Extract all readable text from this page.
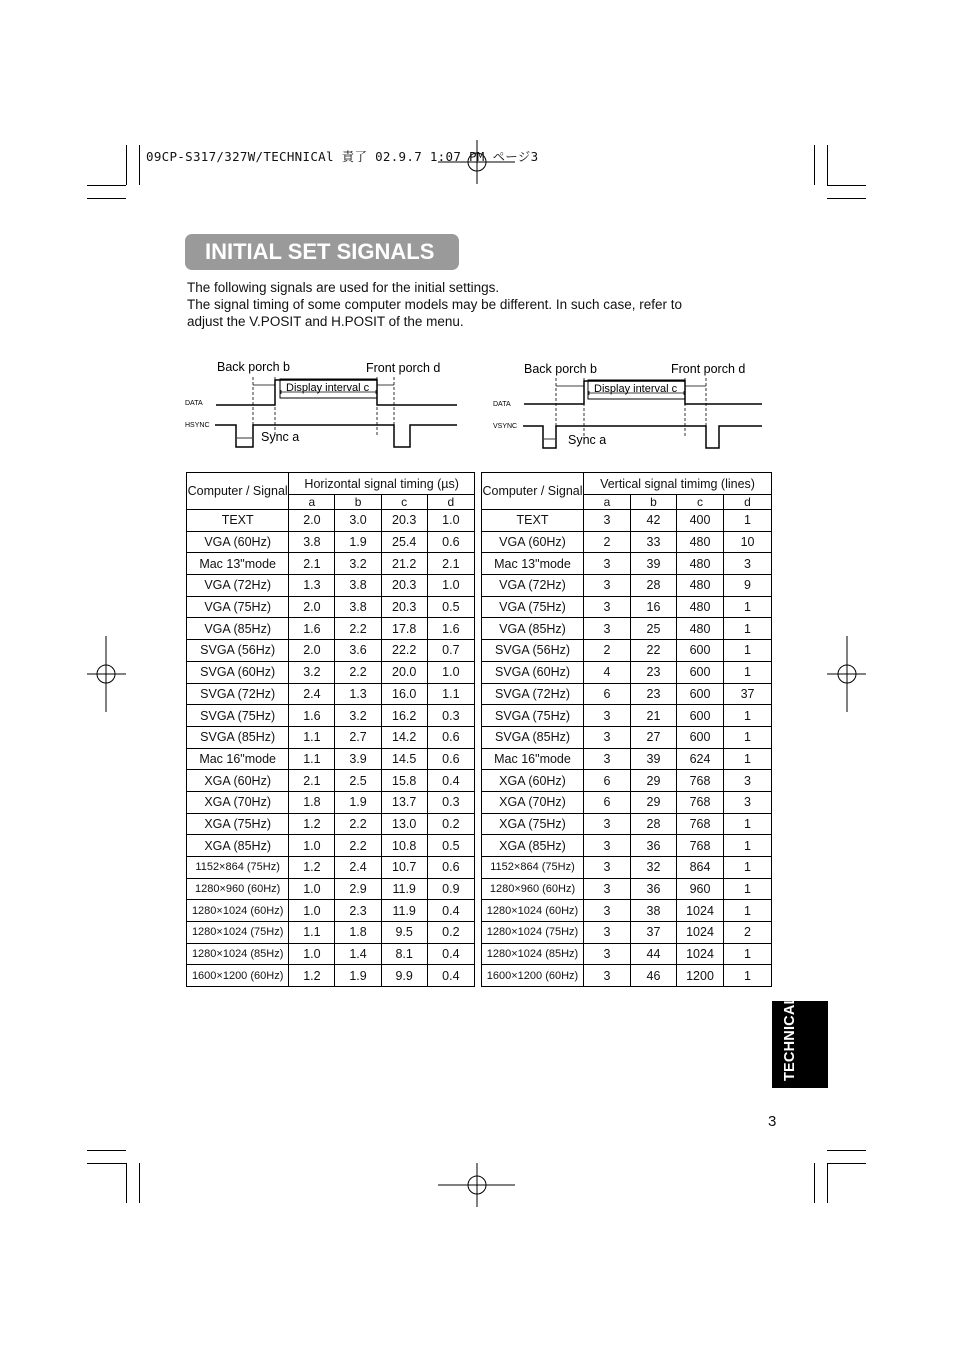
09CP-S317/327W/TECHNICAl 責了 02.9.7 1:07 PM ページ3
INITIAL SET SIGNALS
The following signals are used for the initial settings.
The signal timing of some computer models may be different. In such case, refer to
adjust the V.POSIT and H.POSIT of the menu.
Back porch b	Front porch d
Display interval c
DATA
HSYNC
Sync a
Back porch b	Front porch d
Display interval c
DATA
VSYNC
Sync a
Computer / Signal	Horizontal signal timing (µs)			
	a	b	c	d
TEXT	2.0	3.0	20.3	1.0
VGA (60Hz)	3.8	1.9	25.4	0.6
Mac 13"mode	2.1	3.2	21.2	2.1
VGA (72Hz)	1.3	3.8	20.3	1.0
VGA (75Hz)	2.0	3.8	20.3	0.5
VGA (85Hz)	1.6	2.2	17.8	1.6
SVGA (56Hz)	2.0	3.6	22.2	0.7
SVGA (60Hz)	3.2	2.2	20.0	1.0
SVGA (72Hz)	2.4	1.3	16.0	1.1
SVGA (75Hz)	1.6	3.2	16.2	0.3
SVGA (85Hz)	1.1	2.7	14.2	0.6
Mac 16"mode	1.1	3.9	14.5	0.6
XGA (60Hz)	2.1	2.5	15.8	0.4
XGA (70Hz)	1.8	1.9	13.7	0.3
XGA (75Hz)	1.2	2.2	13.0	0.2
XGA (85Hz)	1.0	2.2	10.8	0.5
1152×864 (75Hz)	1.2	2.4	10.7	0.6
1280×960 (60Hz)	1.0	2.9	11.9	0.9
1280×1024 (60Hz)	1.0	2.3	11.9	0.4
1280×1024 (75Hz)	1.1	1.8	9.5	0.2
1280×1024 (85Hz)	1.0	1.4	8.1	0.4
1600×1200 (60Hz)	1.2	1.9	9.9	0.4
Computer / Signal	Vertical signal timimg (lines)			
	a	b	c	d
TEXT	3	42	400	1
VGA (60Hz)	2	33	480	10
Mac 13"mode	3	39	480	3
VGA (72Hz)	3	28	480	9
VGA (75Hz)	3	16	480	1
VGA (85Hz)	3	25	480	1
SVGA (56Hz)	2	22	600	1
SVGA (60Hz)	4	23	600	1
SVGA (72Hz)	6	23	600	37
SVGA (75Hz)	3	21	600	1
SVGA (85Hz)	3	27	600	1
Mac 16"mode	3	39	624	1
XGA (60Hz)	6	29	768	3
XGA (70Hz)	6	29	768	3
XGA (75Hz)	3	28	768	1
XGA (85Hz)	3	36	768	1
1152×864 (75Hz)	3	32	864	1
1280×960 (60Hz)	3	36	960	1
1280×1024 (60Hz)	3	38	1024	1
1280×1024 (75Hz)	3	37	1024	2
1280×1024 (85Hz)	3	44	1024	1
1600×1200 (60Hz)	3	46	1200	1
TECHNICAL
3
